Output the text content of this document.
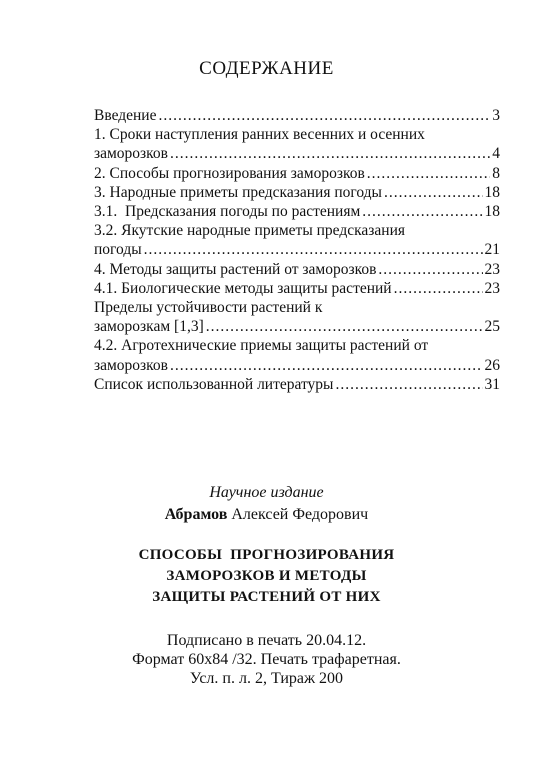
СОДЕРЖАНИЕ
Введение .....	3
1. Сроки наступления ранних весенних и осенних
заморозков .....	4
2. Способы прогнозирования заморозков .....	8
3. Народные приметы предсказания погоды .....	18
3.1.  Предсказания погоды по растениям .....	18
3.2. Якутские народные приметы предсказания
погоды .....	21
4. Методы защиты растений от заморозков .....	23
4.1. Биологические методы защиты растений .....	23
Пределы устойчивости растений к
заморозкам [1,3] .....	25
4.2. Агротехнические приемы защиты растений от
заморозков .....	26
Список использованной литературы .....	31
Научное издание
Абрамов Алексей Федорович
СПОСОБЫ  ПРОГНОЗИРОВАНИЯ
ЗАМОРОЗКОВ И МЕТОДЫ
ЗАЩИТЫ РАСТЕНИЙ ОТ НИХ
Подписано в печать 20.04.12.
Формат 60x84 /32. Печать трафаретная.
Усл. п. л. 2, Тираж 200
